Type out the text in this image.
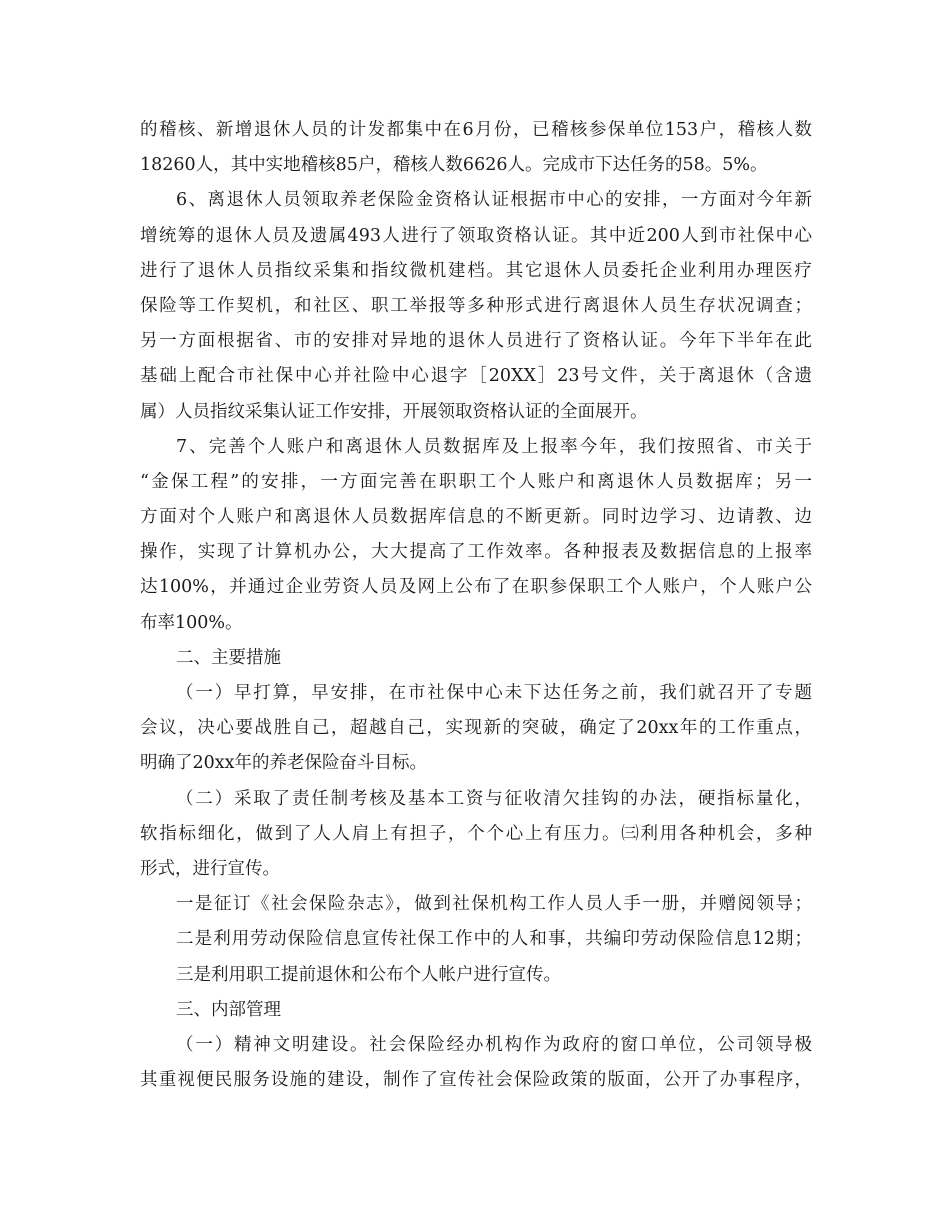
的稽核、新增退休人员的计发都集中在6月份，已稽核参保单位153户，稽核人数
18260人，其中实地稽核85户，稽核人数6626人。完成市下达任务的58。5%。
6、离退休人员领取养老保险金资格认证根据市中心的安排，一方面对今年新
增统筹的退休人员及遗属493人进行了领取资格认证。其中近200人到市社保中心
进行了退休人员指纹采集和指纹微机建档。其它退休人员委托企业利用办理医疗
保险等工作契机，和社区、职工举报等多种形式进行离退休人员生存状况调查；
另一方面根据省、市的安排对异地的退休人员进行了资格认证。今年下半年在此
基础上配合市社保中心并社险中心退字［20XX］23号文件，关于离退休（含遗
属）人员指纹采集认证工作安排，开展领取资格认证的全面展开。
7、完善个人账户和离退休人员数据库及上报率今年，我们按照省、市关于
“金保工程”的安排，一方面完善在职职工个人账户和离退休人员数据库；另一
方面对个人账户和离退休人员数据库信息的不断更新。同时边学习、边请教、边
操作，实现了计算机办公，大大提高了工作效率。各种报表及数据信息的上报率
达100%，并通过企业劳资人员及网上公布了在职参保职工个人账户，个人账户公
布率100%。
二、主要措施
（一）早打算，早安排，在市社保中心未下达任务之前，我们就召开了专题
会议，决心要战胜自己，超越自己，实现新的突破，确定了20xx年的工作重点，
明确了20xx年的养老保险奋斗目标。
（二）采取了责任制考核及基本工资与征收清欠挂钩的办法，硬指标量化，
软指标细化，做到了人人肩上有担子，个个心上有压力。㈢利用各种机会，多种
形式，进行宣传。
一是征订《社会保险杂志》，做到社保机构工作人员人手一册，并赠阅领导；
二是利用劳动保险信息宣传社保工作中的人和事，共编印劳动保险信息12期；
三是利用职工提前退休和公布个人帐户进行宣传。
三、内部管理
（一）精神文明建设。社会保险经办机构作为政府的窗口单位，公司领导极
其重视便民服务设施的建设，制作了宣传社会保险政策的版面，公开了办事程序，
